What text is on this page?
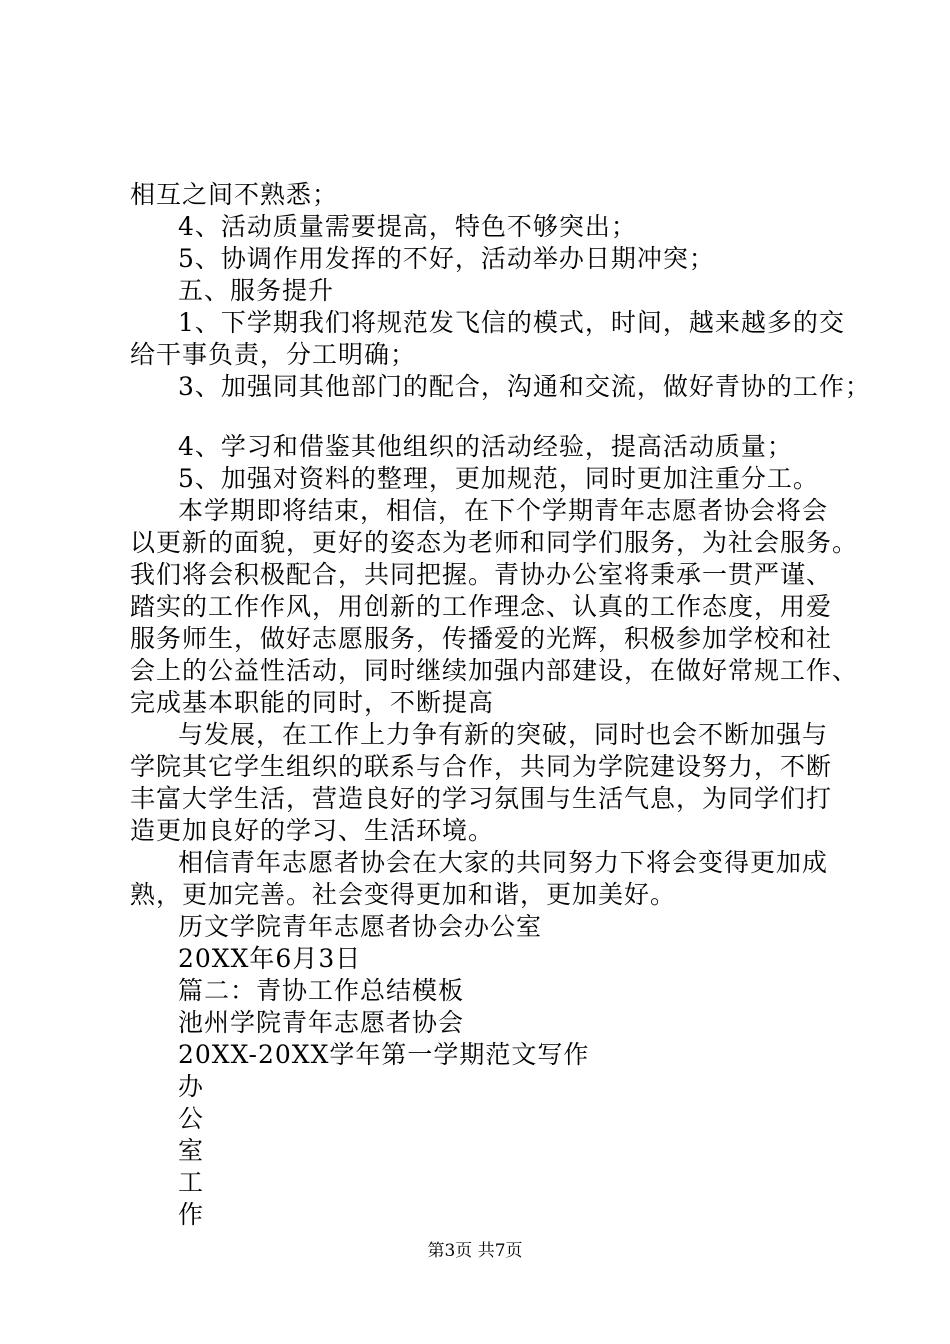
相互之间不熟悉；
4、活动质量需要提高，特色不够突出；
5、协调作用发挥的不好，活动举办日期冲突；
五、服务提升
1、下学期我们将规范发飞信的模式，时间，越来越多的交
给干事负责，分工明确；
3、加强同其他部门的配合，沟通和交流，做好青协的工作；
4、学习和借鉴其他组织的活动经验，提高活动质量；
5、加强对资料的整理，更加规范，同时更加注重分工。
本学期即将结束，相信，在下个学期青年志愿者协会将会
以更新的面貌，更好的姿态为老师和同学们服务，为社会服务。
我们将会积极配合，共同把握。青协办公室将秉承一贯严谨、
踏实的工作作风，用创新的工作理念、认真的工作态度，用爱
服务师生，做好志愿服务，传播爱的光辉，积极参加学校和社
会上的公益性活动，同时继续加强内部建设，在做好常规工作、
完成基本职能的同时，不断提高
与发展，在工作上力争有新的突破，同时也会不断加强与
学院其它学生组织的联系与合作，共同为学院建设努力，不断
丰富大学生活，营造良好的学习氛围与生活气息，为同学们打
造更加良好的学习、生活环境。
相信青年志愿者协会在大家的共同努力下将会变得更加成
熟，更加完善。社会变得更加和谐，更加美好。
历文学院青年志愿者协会办公室
20XX年6月3日
篇二：青协工作总结模板
池州学院青年志愿者协会
20XX-20XX学年第一学期范文写作
办
公
室
工
作
第3页 共7页
